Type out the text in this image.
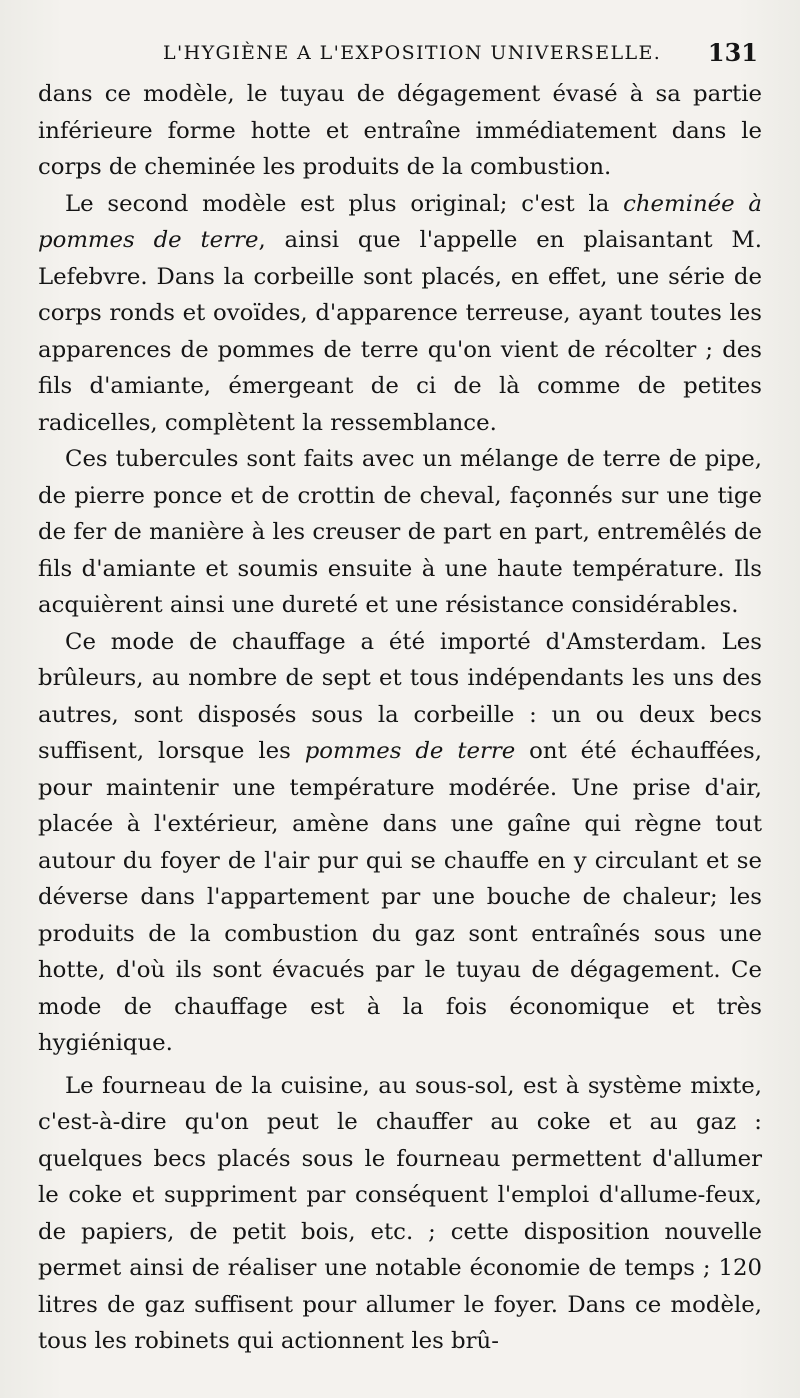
L'HYGIÈNE A L'EXPOSITION UNIVERSELLE. 131

dans ce modèle, le tuyau de dégagement évasé à sa partie inférieure forme hotte et entraîne immédiatement dans le corps de cheminée les produits de la combustion.

Le second modèle est plus original; c'est la cheminée à pommes de terre, ainsi que l'appelle en plaisantant M. Lefebvre. Dans la corbeille sont placés, en effet, une série de corps ronds et ovoïdes, d'apparence terreuse, ayant toutes les apparences de pommes de terre qu'on vient de récolter ; des fils d'amiante, émergeant de ci de là comme de petites radicelles, complètent la ressemblance.

Ces tubercules sont faits avec un mélange de terre de pipe, de pierre ponce et de crottin de cheval, façonnés sur une tige de fer de manière à les creuser de part en part, entremêlés de fils d'amiante et soumis ensuite à une haute température. Ils acquièrent ainsi une dureté et une résistance considérables.

Ce mode de chauffage a été importé d'Amsterdam. Les brûleurs, au nombre de sept et tous indépendants les uns des autres, sont disposés sous la corbeille : un ou deux becs suffisent, lorsque les pommes de terre ont été échauffées, pour maintenir une température modérée. Une prise d'air, placée à l'extérieur, amène dans une gaîne qui règne tout autour du foyer de l'air pur qui se chauffe en y circulant et se déverse dans l'appartement par une bouche de chaleur; les produits de la combustion du gaz sont entraînés sous une hotte, d'où ils sont évacués par le tuyau de dégagement. Ce mode de chauffage est à la fois économique et très hygiénique.

Le fourneau de la cuisine, au sous-sol, est à système mixte, c'est-à-dire qu'on peut le chauffer au coke et au gaz : quelques becs placés sous le fourneau permettent d'allumer le coke et suppriment par conséquent l'emploi d'allume-feux, de papiers, de petit bois, etc. ; cette disposition nouvelle permet ainsi de réaliser une notable économie de temps ; 120 litres de gaz suffisent pour allumer le foyer. Dans ce modèle, tous les robinets qui actionnent les brû-
